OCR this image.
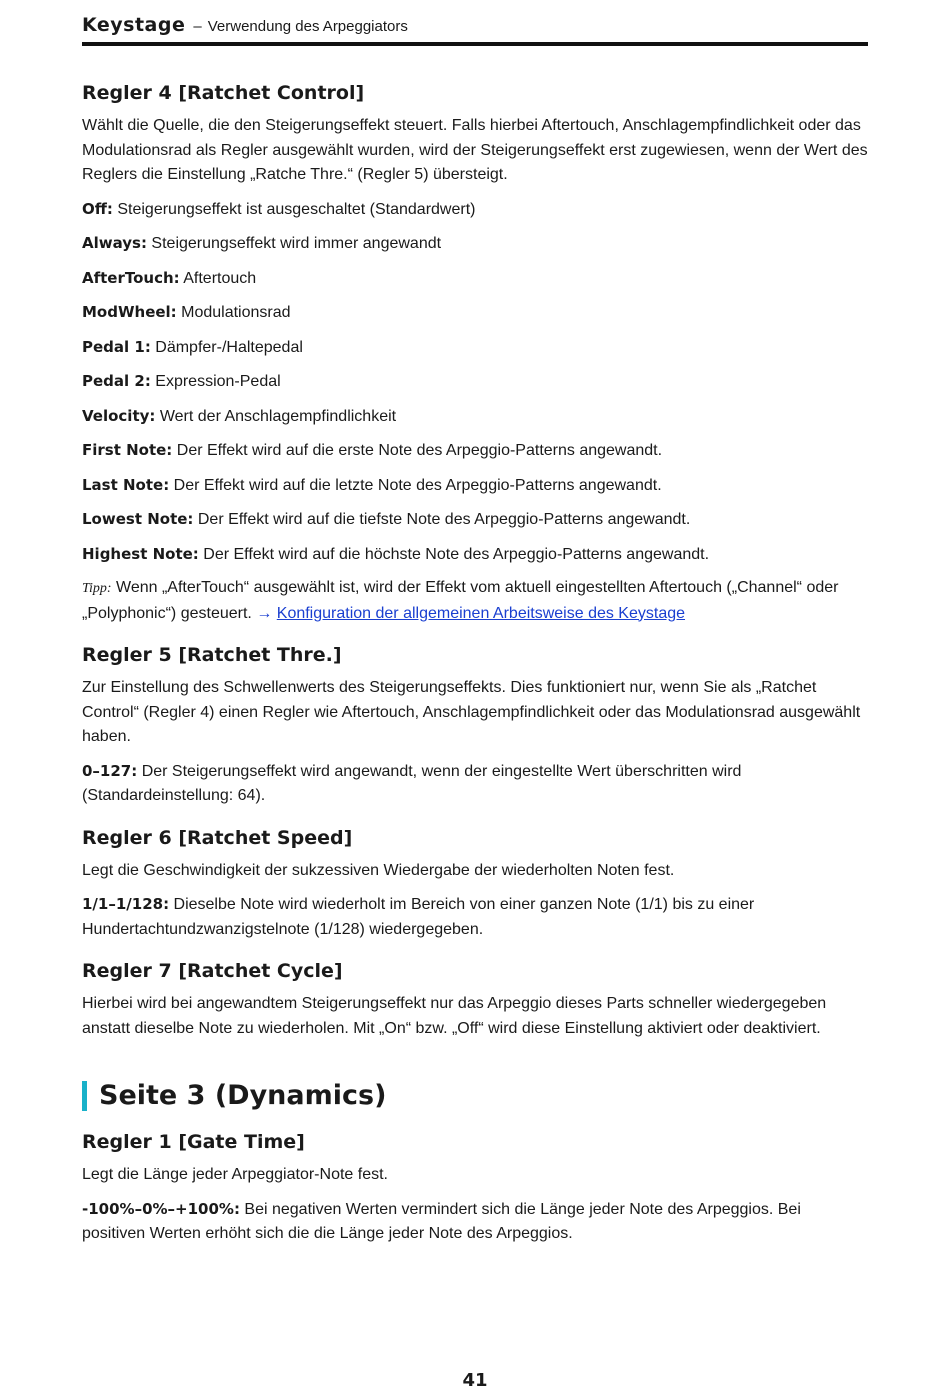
Keystage – Verwendung des Arpeggiators
Regler 4 [Ratchet Control]

Wählt die Quelle, die den Steigerungseffekt steuert. Falls hierbei Aftertouch, Anschlagempfindlichkeit oder das Modulationsrad als Regler ausgewählt wurden, wird der Steigerungseffekt erst zugewiesen, wenn der Wert des Reglers die Einstellung „Ratche Thre.“ (Regler 5) übersteigt.

Off: Steigerungseffekt ist ausgeschaltet (Standardwert)

Always: Steigerungseffekt wird immer angewandt

AfterTouch: Aftertouch

ModWheel: Modulationsrad

Pedal 1: Dämpfer-/Haltepedal

Pedal 2: Expression-Pedal

Velocity: Wert der Anschlagempfindlichkeit

First Note: Der Effekt wird auf die erste Note des Arpeggio-Patterns angewandt.

Last Note: Der Effekt wird auf die letzte Note des Arpeggio-Patterns angewandt.

Lowest Note: Der Effekt wird auf die tiefste Note des Arpeggio-Patterns angewandt.

Highest Note: Der Effekt wird auf die höchste Note des Arpeggio-Patterns angewandt.

Tipp: Wenn „AfterTouch“ ausgewählt ist, wird der Effekt vom aktuell eingestellten Aftertouch („Channel“ oder „Polyphonic“) gesteuert. → Konfiguration der allgemeinen Arbeitsweise des Keystage

Regler 5 [Ratchet Thre.]

Zur Einstellung des Schwellenwerts des Steigerungseffekts. Dies funktioniert nur, wenn Sie als „Ratchet Control“ (Regler 4) einen Regler wie Aftertouch, Anschlagempfindlichkeit oder das Modulationsrad ausgewählt haben.

0–127: Der Steigerungseffekt wird angewandt, wenn der eingestellte Wert überschritten wird (Standardeinstellung: 64).

Regler 6 [Ratchet Speed]

Legt die Geschwindigkeit der sukzessiven Wiedergabe der wiederholten Noten fest.

1/1–1/128: Dieselbe Note wird wiederholt im Bereich von einer ganzen Note (1/1) bis zu einer Hundertachtundzwanzigstelnote (1/128) wiedergegeben.

Regler 7 [Ratchet Cycle]

Hierbei wird bei angewandtem Steigerungseffekt nur das Arpeggio dieses Parts schneller wiedergegeben anstatt dieselbe Note zu wiederholen. Mit „On“ bzw. „Off“ wird diese Einstellung aktiviert oder deaktiviert.

Seite 3 (Dynamics)
Regler 1 [Gate Time]

Legt die Länge jeder Arpeggiator-Note fest.

-100%–0%–+100%: Bei negativen Werten vermindert sich die Länge jeder Note des Arpeggios. Bei positiven Werten erhöht sich die die Länge jeder Note des Arpeggios.

41
